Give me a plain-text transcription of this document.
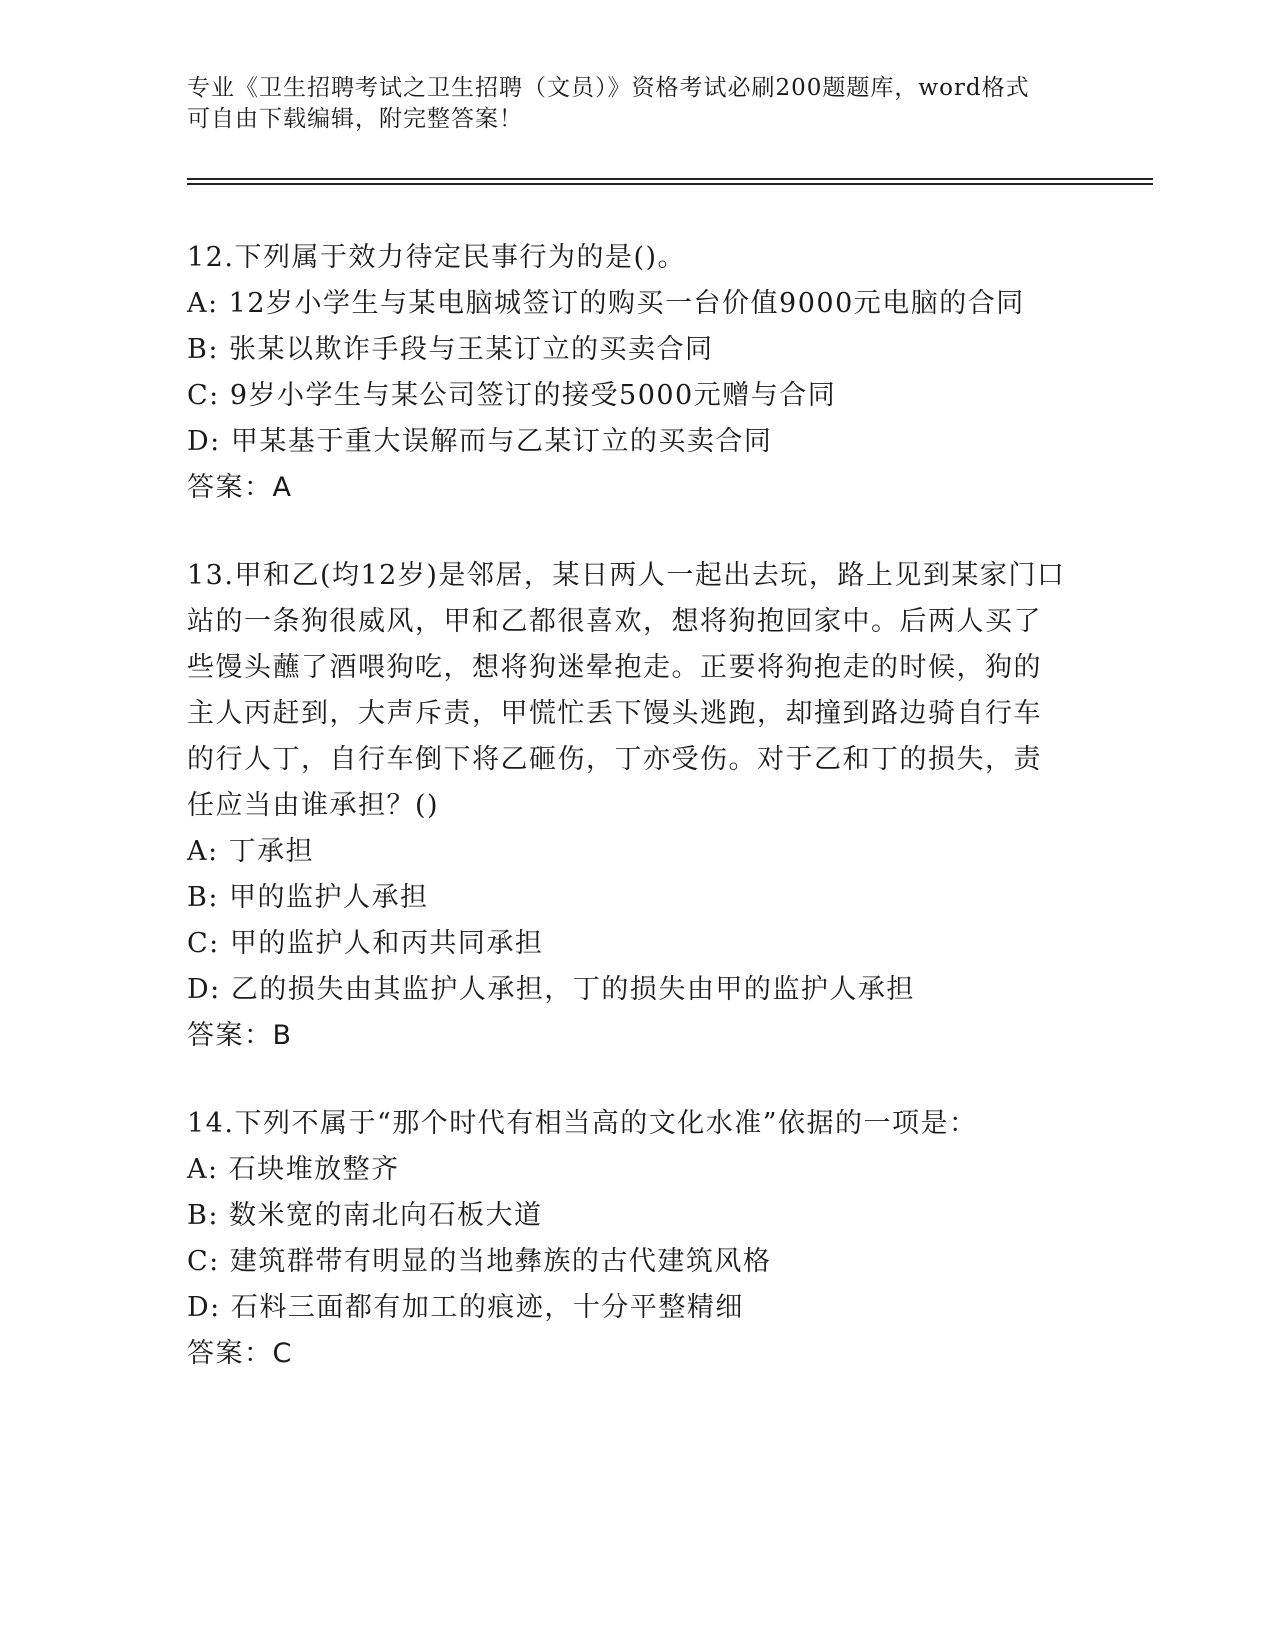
专业《卫生招聘考试之卫生招聘（文员）》资格考试必刷200题题库，word格式
可自由下载编辑，附完整答案！
12.下列属于效力待定民事行为的是()。
A: 12岁小学生与某电脑城签订的购买一台价值9000元电脑的合同
B: 张某以欺诈手段与王某订立的买卖合同
C: 9岁小学生与某公司签订的接受5000元赠与合同
D: 甲某基于重大误解而与乙某订立的买卖合同
答案：A
13.甲和乙(均12岁)是邻居，某日两人一起出去玩，路上见到某家门口站的一条狗很威风，甲和乙都很喜欢，想将狗抱回家中。后两人买了些馒头蘸了酒喂狗吃，想将狗迷晕抱走。正要将狗抱走的时候，狗的主人丙赶到，大声斥责，甲慌忙丢下馒头逃跑，却撞到路边骑自行车的行人丁，自行车倒下将乙砸伤，丁亦受伤。对于乙和丁的损失，责任应当由谁承担？()
A: 丁承担
B: 甲的监护人承担
C: 甲的监护人和丙共同承担
D: 乙的损失由其监护人承担，丁的损失由甲的监护人承担
答案：B
14.下列不属于“那个时代有相当高的文化水准”依据的一项是：
A: 石块堆放整齐
B: 数米宽的南北向石板大道
C: 建筑群带有明显的当地彝族的古代建筑风格
D: 石料三面都有加工的痕迹，十分平整精细
答案：C
